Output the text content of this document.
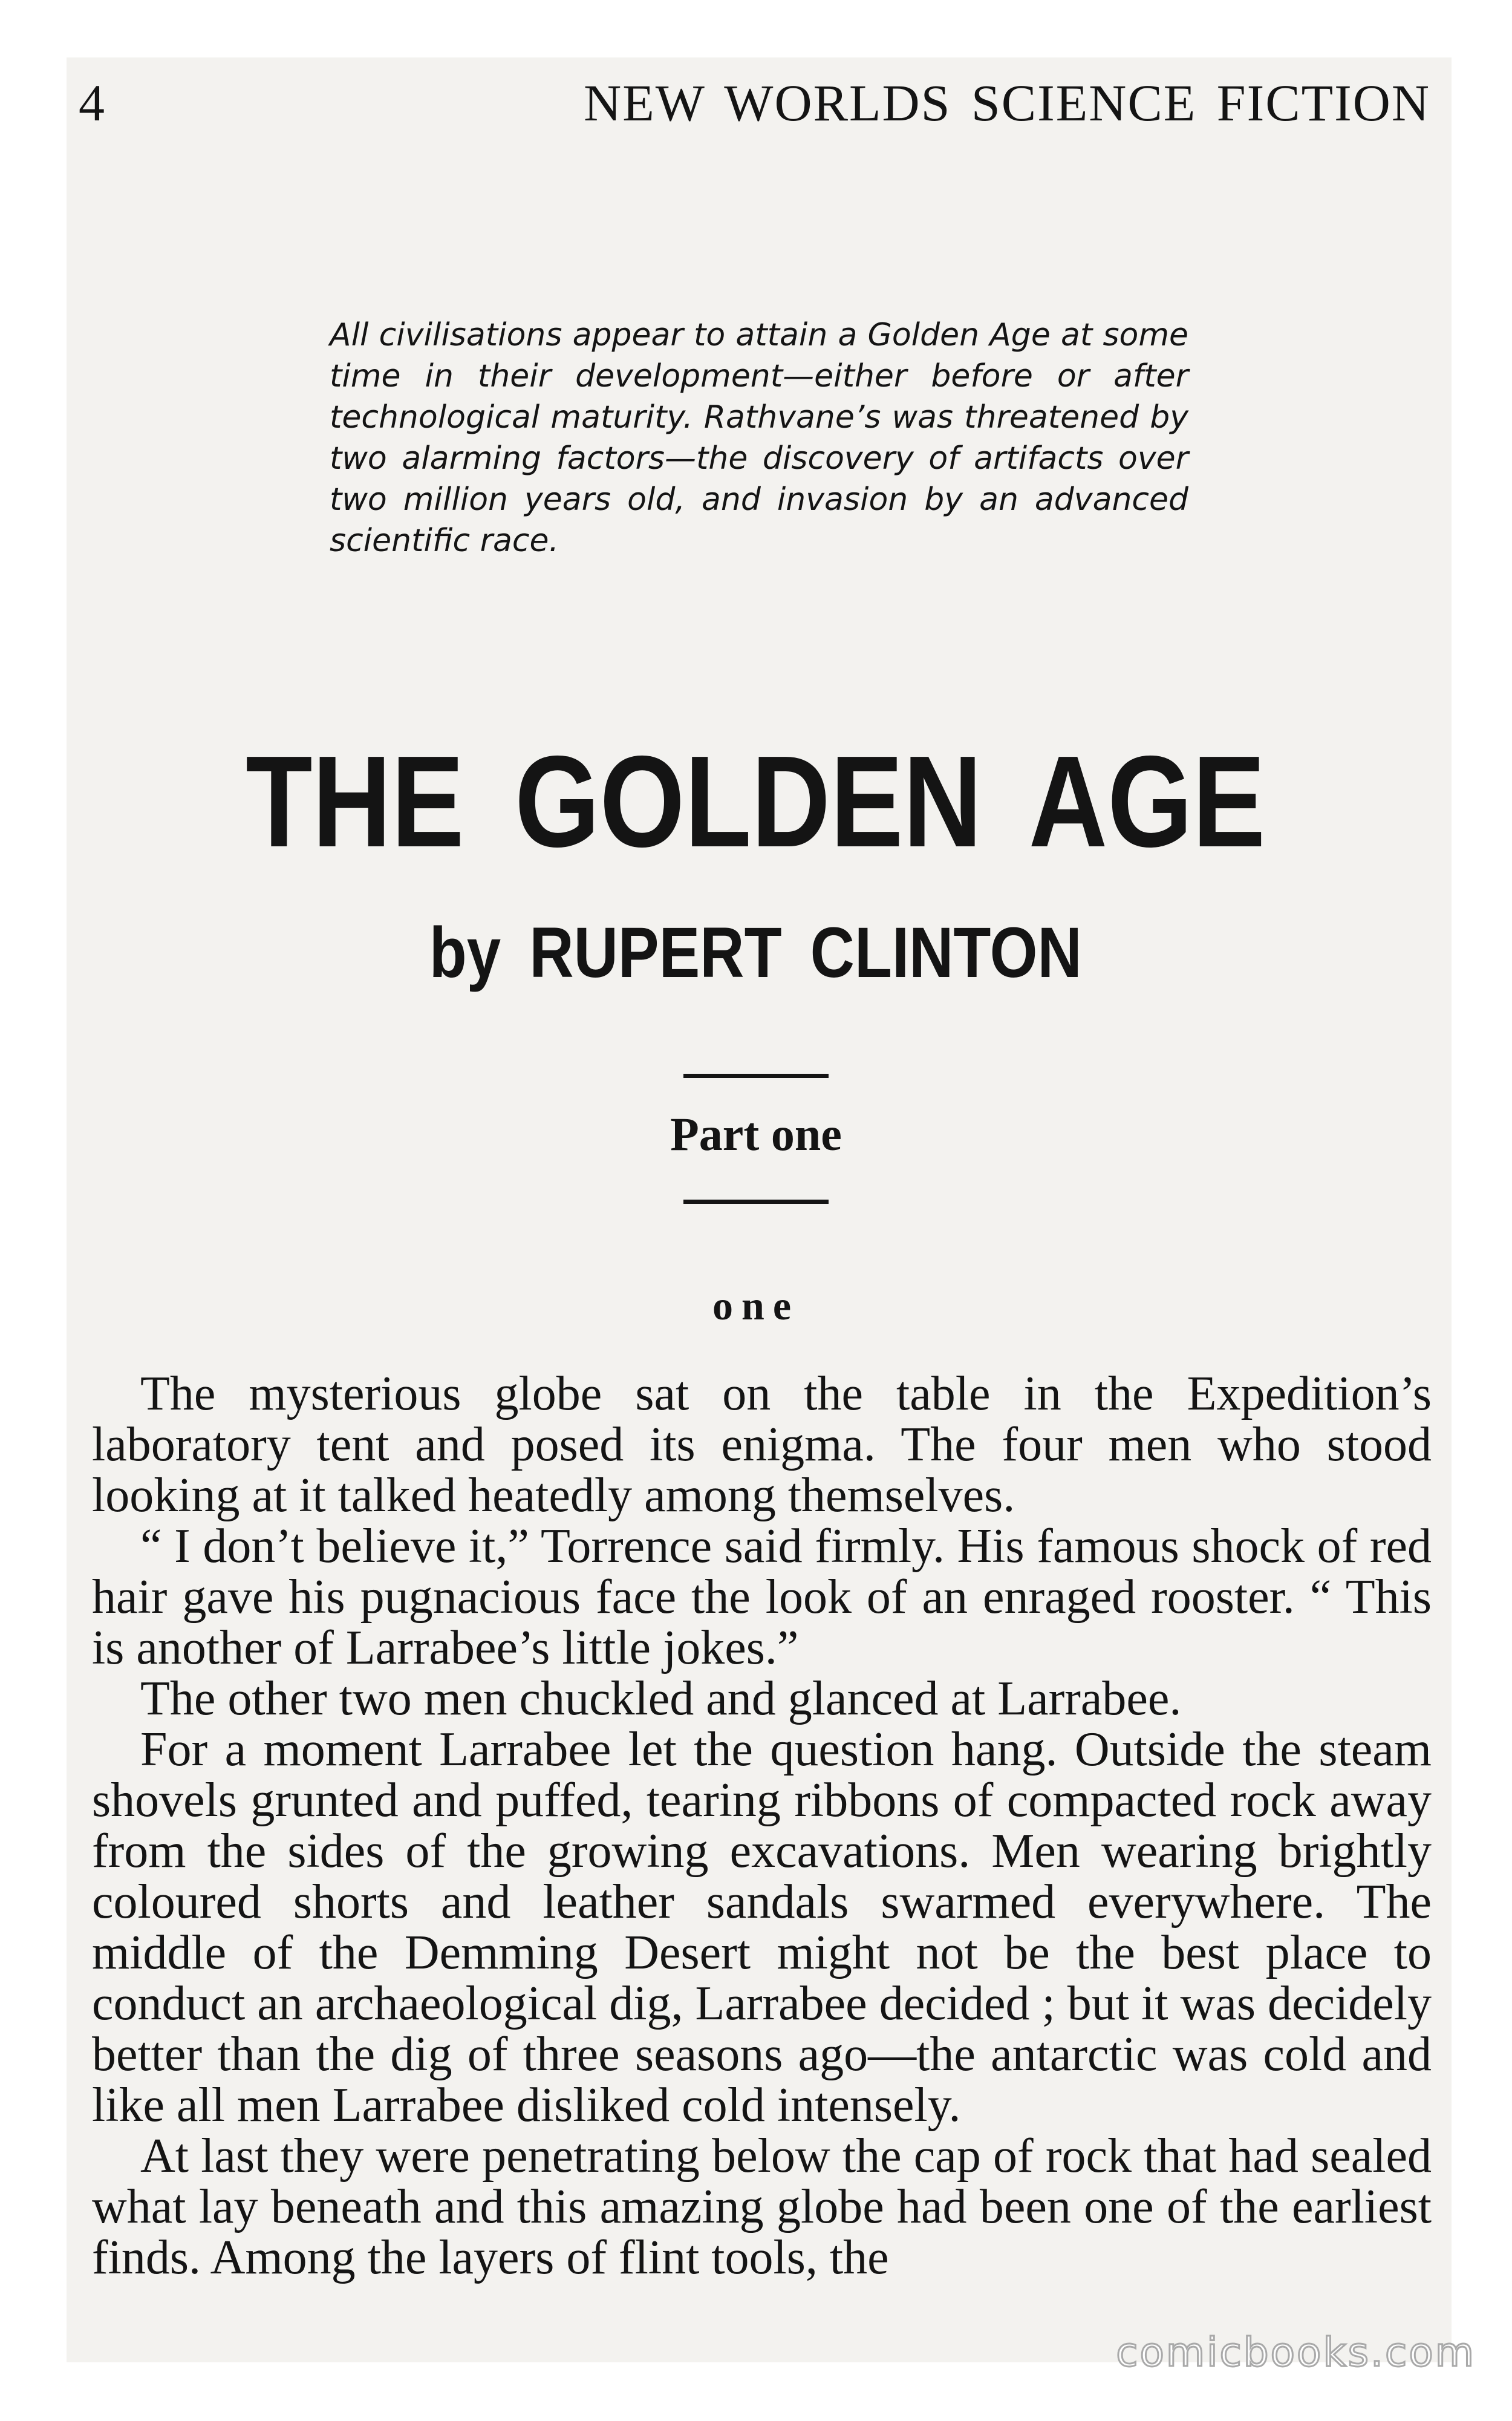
4	NEW WORLDS SCIENCE FICTION
All civilisations appear to attain a Golden Age at some time in their development—either before or after technological maturity. Rathvane’s was threatened by two alarming factors—the discovery of artifacts over two million years old, and invasion by an advanced scientific race.
THE GOLDEN AGE
by RUPERT CLINTON
Part one
one

The mysterious globe sat on the table in the Expedition’s laboratory tent and posed its enigma. The four men who stood looking at it talked heatedly among themselves.

“ I don’t believe it,” Torrence said firmly. His famous shock of red hair gave his pugnacious face the look of an enraged rooster. “ This is another of Larrabee’s little jokes.”

The other two men chuckled and glanced at Larrabee.

For a moment Larrabee let the question hang. Outside the steam shovels grunted and puffed, tearing ribbons of compacted rock away from the sides of the growing excavations. Men wearing brightly coloured shorts and leather sandals swarmed everywhere. The middle of the Demming Desert might not be the best place to conduct an archaeological dig, Larrabee decided ; but it was decidely better than the dig of three seasons ago—the antarctic was cold and like all men Larrabee disliked cold intensely.

At last they were penetrating below the cap of rock that had sealed what lay beneath and this amazing globe had been one of the earliest finds. Among the layers of flint tools, the

comicbooks.com
